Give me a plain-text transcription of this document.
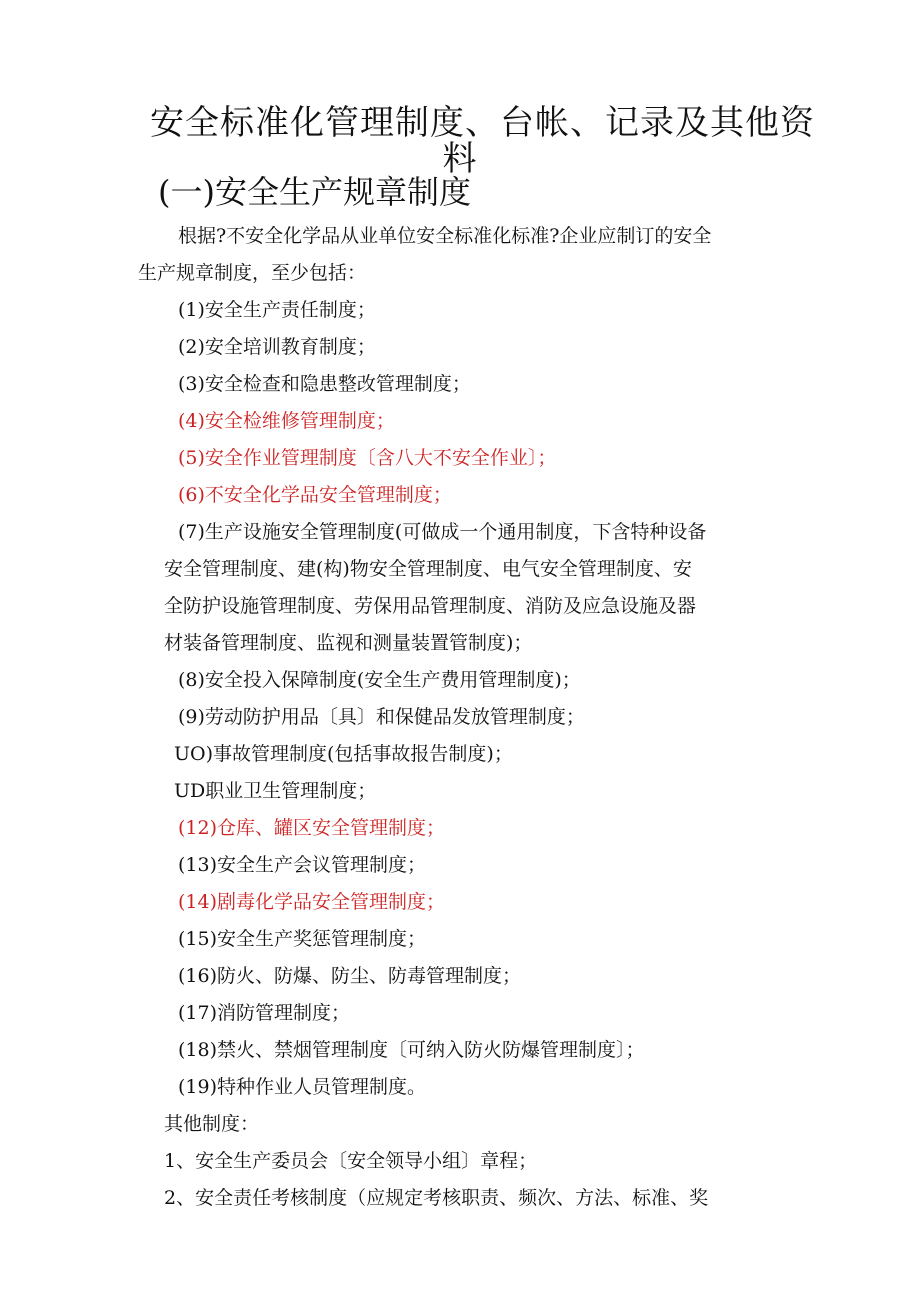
安全标准化管理制度、台帐、记录及其他资
料
(一)安全生产规章制度
根据?不安全化学品从业单位安全标准化标准?企业应制订的安全
生产规章制度，至少包括：
(1)安全生产责任制度；
(2)安全培训教育制度；
(3)安全检查和隐患整改管理制度；
(4)安全检维修管理制度；
(5)安全作业管理制度〔含八大不安全作业〕；
(6)不安全化学品安全管理制度；
(7)生产设施安全管理制度(可做成一个通用制度，下含特种设备
安全管理制度、建(构)物安全管理制度、电气安全管理制度、安
全防护设施管理制度、劳保用品管理制度、消防及应急设施及器
材装备管理制度、监视和测量装置管制度)；
(8)安全投入保障制度(安全生产费用管理制度)；
(9)劳动防护用品〔具〕和保健品发放管理制度；
UO)事故管理制度(包括事故报告制度)；
UD职业卫生管理制度；
(12)仓库、罐区安全管理制度；
(13)安全生产会议管理制度；
(14)剧毒化学品安全管理制度；
(15)安全生产奖惩管理制度；
(16)防火、防爆、防尘、防毒管理制度；
(17)消防管理制度；
(18)禁火、禁烟管理制度〔可纳入防火防爆管理制度〕；
(19)特种作业人员管理制度。
其他制度：
1、安全生产委员会〔安全领导小组〕章程；
2、安全责任考核制度（应规定考核职责、频次、方法、标准、奖
